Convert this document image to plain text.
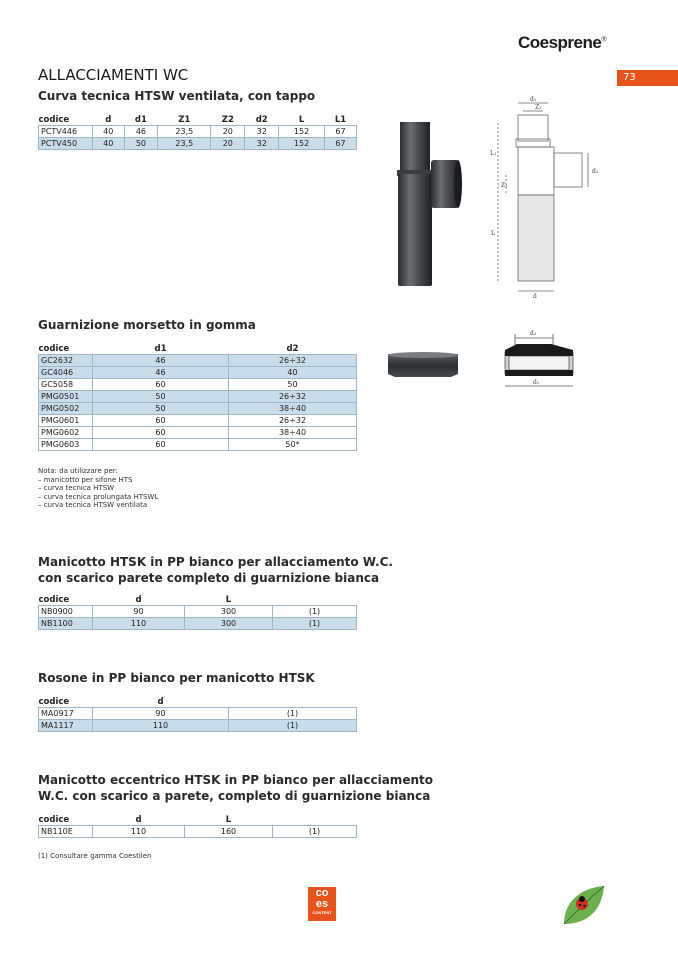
Coesprene®
73
ALLACCIAMENTI WC
Curva tecnica HTSW ventilata, con tappo
codice	d	d1	Z1	Z2	d2	L	L1
PCTV446	40	46	23,5	20	32	152	67
PCTV450	40	50	23,5	20	32	152	67
d₁
Z₂
L₁
Z₁
d₂
L
d
Guarnizione morsetto in gomma
codice	d1	d2
GC2632	46	26÷32
GC4046	46	40
GC5058	60	50
PMG0501	50	26÷32
PMG0502	50	38÷40
PMG0601	60	26÷32
PMG0602	60	38÷40
PMG0603	60	50*
Nota: da utilizzare per:
– manicotto per sifone HTS
– curva tecnica HTSW
– curva tecnica prolungata HTSWL
– curva tecnica HTSW ventilata
d₂
d₁
Manicotto HTSK in PP bianco per allacciamento W.C.
con scarico parete completo di guarnizione bianca
codice	d	L	
NB0900	90	300	(1)
NB1100	110	300	(1)
Rosone in PP bianco per manicotto HTSK
codice	d	
MA0917	90	(1)
MA1117	110	(1)
Manicotto eccentrico HTSK in PP bianco per allacciamento
W.C. con scarico a parete, completo di guarnizione bianca
codice	d	L	
NB110E	110	160	(1)
(1) Consultare gamma Coestilen
co
es
CONTENT
